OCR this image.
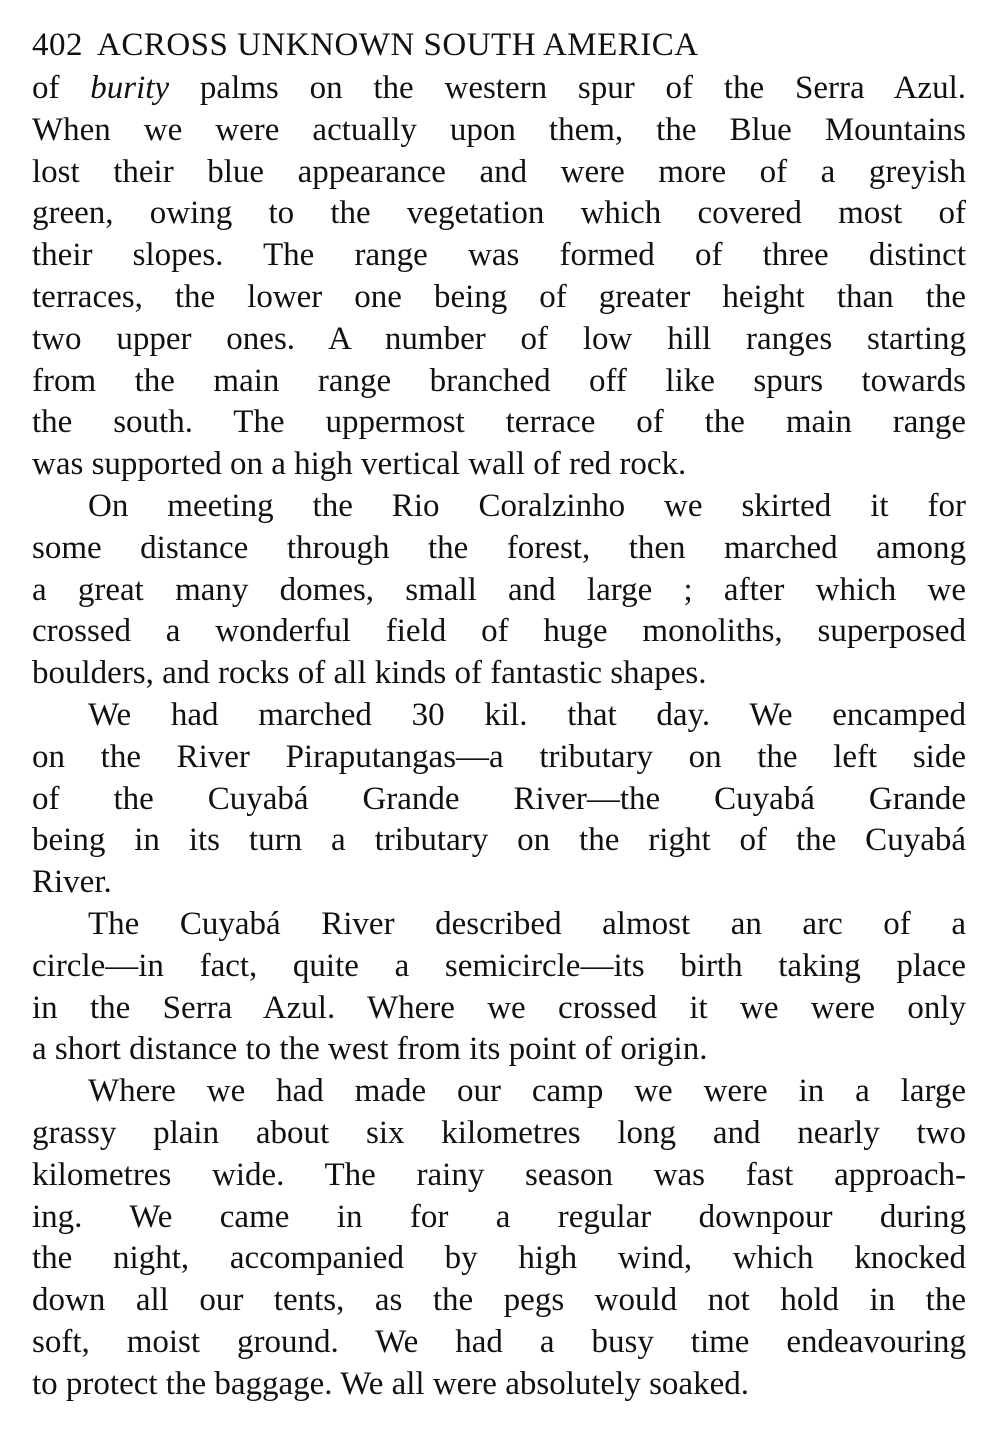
402 ACROSS UNKNOWN SOUTH AMERICA
of burity palms on the western spur of the Serra Azul.
When we were actually upon them, the Blue Mountains
lost their blue appearance and were more of a greyish
green, owing to the vegetation which covered most of
their slopes. The range was formed of three distinct
terraces, the lower one being of greater height than the
two upper ones. A number of low hill ranges starting
from the main range branched off like spurs towards
the south. The uppermost terrace of the main range
was supported on a high vertical wall of red rock.
On meeting the Rio Coralzinho we skirted it for
some distance through the forest, then marched among
a great many domes, small and large ; after which we
crossed a wonderful field of huge monoliths, superposed
boulders, and rocks of all kinds of fantastic shapes.
We had marched 30 kil. that day. We encamped
on the River Piraputangas—a tributary on the left side
of the Cuyabá Grande River—the Cuyabá Grande
being in its turn a tributary on the right of the Cuyabá
River.
The Cuyabá River described almost an arc of a
circle—in fact, quite a semicircle—its birth taking place
in the Serra Azul. Where we crossed it we were only
a short distance to the west from its point of origin.
Where we had made our camp we were in a large
grassy plain about six kilometres long and nearly two
kilometres wide. The rainy season was fast approach-
ing. We came in for a regular downpour during
the night, accompanied by high wind, which knocked
down all our tents, as the pegs would not hold in the
soft, moist ground. We had a busy time endeavouring
to protect the baggage. We all were absolutely soaked.
